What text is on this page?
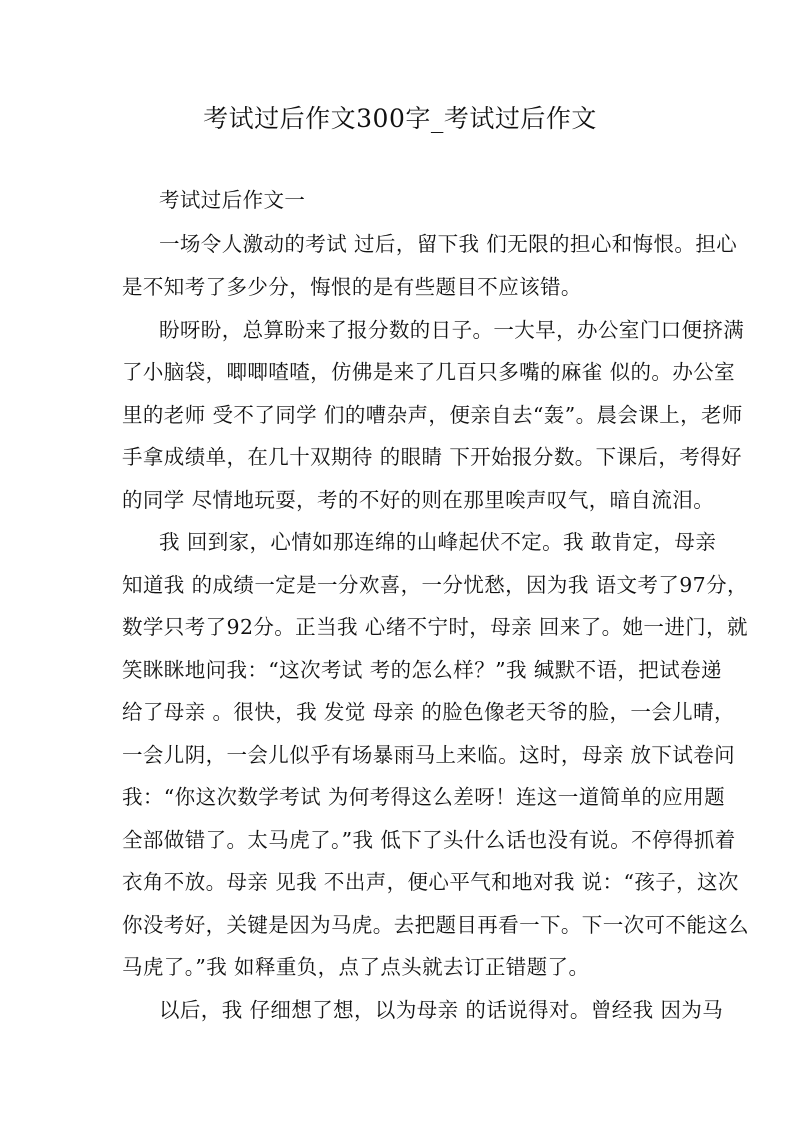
考试过后作文300字_考试过后作文
考试过后作文一
一场令人激动的考试 过后，留下我 们无限的担心和悔恨。担心
是不知考了多少分，悔恨的是有些题目不应该错。
盼呀盼，总算盼来了报分数的日子。一大早，办公室门口便挤满
了小脑袋，唧唧喳喳，仿佛是来了几百只多嘴的麻雀 似的。办公室
里的老师 受不了同学 们的嘈杂声，便亲自去“轰”。晨会课上，老师
手拿成绩单，在几十双期待 的眼睛 下开始报分数。下课后，考得好
的同学 尽情地玩耍，考的不好的则在那里唉声叹气，暗自流泪。
我 回到家，心情如那连绵的山峰起伏不定。我 敢肯定，母亲
知道我 的成绩一定是一分欢喜，一分忧愁，因为我 语文考了97分，
数学只考了92分。正当我 心绪不宁时，母亲 回来了。她一进门，就
笑眯眯地问我：“这次考试 考的怎么样？”我 缄默不语，把试卷递
给了母亲 。很快，我 发觉 母亲 的脸色像老天爷的脸，一会儿晴，
一会儿阴，一会儿似乎有场暴雨马上来临。这时，母亲 放下试卷问
我：“你这次数学考试 为何考得这么差呀！连这一道简单的应用题
全部做错了。太马虎了。”我 低下了头什么话也没有说。不停得抓着
衣角不放。母亲 见我 不出声，便心平气和地对我 说：“孩子，这次
你没考好，关键是因为马虎。去把题目再看一下。下一次可不能这么
马虎了。”我 如释重负，点了点头就去订正错题了。
以后，我 仔细想了想，以为母亲 的话说得对。曾经我 因为马
